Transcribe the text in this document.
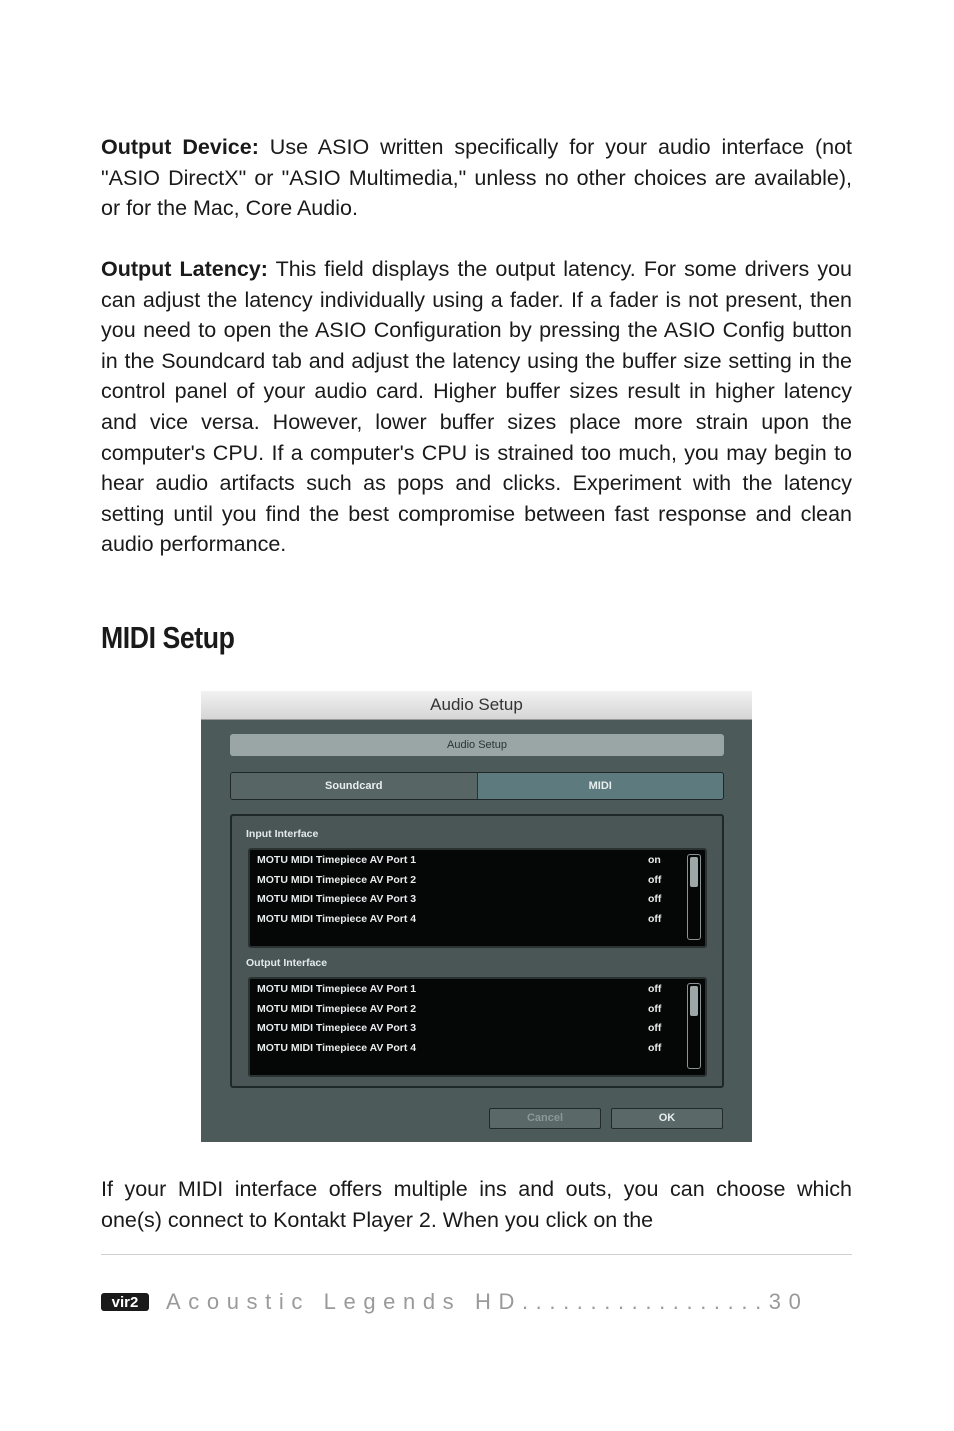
Output Device: Use ASIO written specifically for your audio interface (not "ASIO DirectX" or "ASIO Multimedia," unless no other choices are available), or for the Mac, Core Audio.

Output Latency: This field displays the output latency. For some drivers you can adjust the latency individually using a fader. If a fader is not present, then you need to open the ASIO Configuration by pressing the ASIO Config button in the Soundcard tab and adjust the latency using the buffer size setting in the control panel of your audio card. Higher buffer sizes result in higher latency and vice versa. However, lower buffer sizes place more strain upon the computer's CPU. If a computer's CPU is strained too much, you may begin to hear audio artifacts such as pops and clicks. Experiment with the latency setting until you find the best compromise between fast response and clean audio performance.

MIDI Setup
Audio Setup
Audio Setup
Soundcard	MIDI
Input Interface
MOTU MIDI Timepiece AV Port 1	on
MOTU MIDI Timepiece AV Port 2	off
MOTU MIDI Timepiece AV Port 3	off
MOTU MIDI Timepiece AV Port 4	off
Output Interface
MOTU MIDI Timepiece AV Port 1	off
MOTU MIDI Timepiece AV Port 2	off
MOTU MIDI Timepiece AV Port 3	off
MOTU MIDI Timepiece AV Port 4	off
Cancel	OK

If your MIDI interface offers multiple ins and outs, you can choose which one(s) connect to Kontakt Player 2. When you click on the

vir2 Acoustic Legends HD..................30
